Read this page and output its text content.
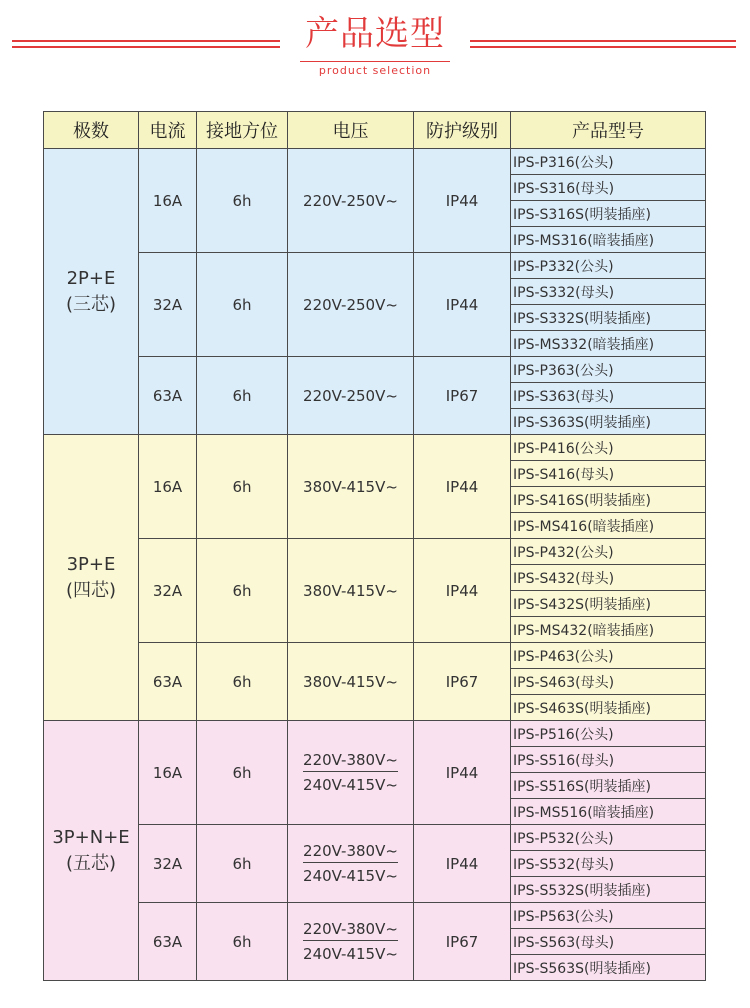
产品选型
product selection
极数	电流	接地方位	电压	防护级别	产品型号
2P+E
(三芯)	16A	6h	220V-250V~	IP44	IPS-P316(公头)
					IPS-S316(母头)
					IPS-S316S(明装插座)
					IPS-MS316(暗装插座)
	32A	6h	220V-250V~	IP44	IPS-P332(公头)
					IPS-S332(母头)
					IPS-S332S(明装插座)
					IPS-MS332(暗装插座)
	63A	6h	220V-250V~	IP67	IPS-P363(公头)
					IPS-S363(母头)
					IPS-S363S(明装插座)
3P+E
(四芯)	16A	6h	380V-415V~	IP44	IPS-P416(公头)
					IPS-S416(母头)
					IPS-S416S(明装插座)
					IPS-MS416(暗装插座)
	32A	6h	380V-415V~	IP44	IPS-P432(公头)
					IPS-S432(母头)
					IPS-S432S(明装插座)
					IPS-MS432(暗装插座)
	63A	6h	380V-415V~	IP67	IPS-P463(公头)
					IPS-S463(母头)
					IPS-S463S(明装插座)
3P+N+E
(五芯)	16A	6h	$\frac{220V-380V\sim}{240V-415V\sim}$	IP44	IPS-P516(公头)
					IPS-S516(母头)
					IPS-S516S(明装插座)
					IPS-MS516(暗装插座)
	32A	6h	$\frac{220V-380V\sim}{240V-415V\sim}$	IP44	IPS-P532(公头)
					IPS-S532(母头)
					IPS-S532S(明装插座)
	63A	6h	$\frac{220V-380V\sim}{240V-415V\sim}$	IP67	IPS-P563(公头)
					IPS-S563(母头)
					IPS-S563S(明装插座)
